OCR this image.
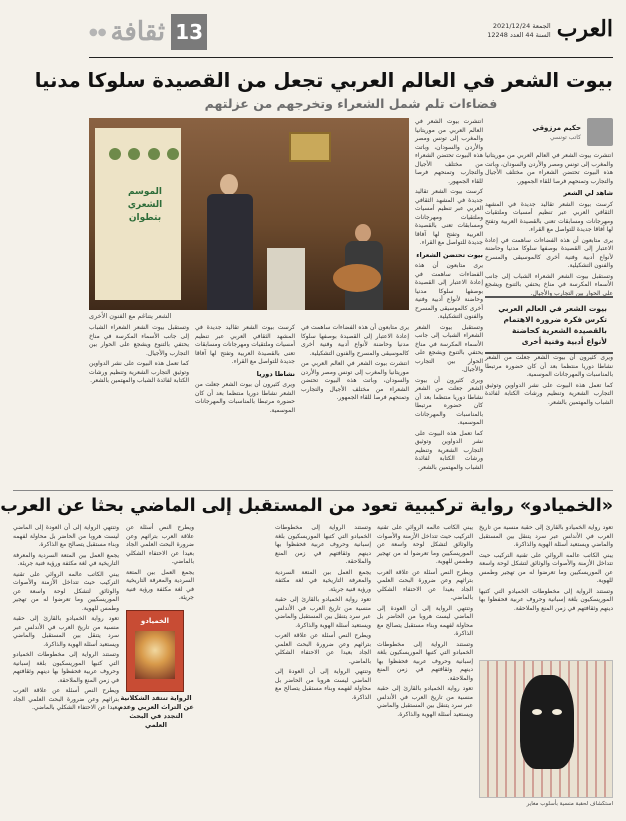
العرب
الجمعة 2021/12/24
السنة 44 العدد 12248
13
ثقافة
●●
بيوت الشعر في العالم العربي تجعل من القصيدة سلوكا مدنيا
فضاءات تلم شمل الشعراء وتخرجهم من عزلتهم
الموسم الشعري بتطوان
الشعر يتناغم مع الفنون الأخرى
حكيم مرزوقي
كاتب تونسي

انتشرت بيوت الشعر في العالم العربي من موريتانيا والمغرب إلى تونس ومصر والأردن والسودان، وباتت هذه البيوت تحتضن الشعراء من مختلف الأجيال والتجارب وتمنحهم فرصا للقاء الجمهور.

شاهد لي الشعر

كرست بيوت الشعر تقاليد جديدة في المشهد الثقافي العربي عبر تنظيم أمسيات وملتقيات ومهرجانات ومسابقات تعنى بالقصيدة العربية وتفتح لها آفاقا جديدة للتواصل مع القراء.

يرى متابعون أن هذه الفضاءات ساهمت في إعادة الاعتبار إلى القصيدة بوصفها سلوكا مدنيا وحاضنة لأنواع أدبية وفنية أخرى كالموسيقى والمسرح والفنون التشكيلية.

وتستقبل بيوت الشعر الشعراء الشباب إلى جانب الأسماء المكرسة في مناخ يحتفي بالتنوع ويشجع على الحوار بين التجارب والأجيال.

بيوت الشعر في العالم العربي تكرس فكرة ضرورة الاهتمام بالقصيدة الشعرية كحاضنة لأنواع أدبية وفنية أخرى

ويرى كثيرون أن بيوت الشعر جعلت من الشعر نشاطا دوريا منتظما بعد أن كان حضوره مرتبطا بالمناسبات والمهرجانات الموسمية.

كما تعمل هذه البيوت على نشر الدواوين وتوثيق التجارب الشعرية وتنظيم ورشات الكتابة لفائدة الشباب والمهتمين بالشعر.

وتستقبل بيوت الشعر الشعراء الشباب إلى جانب الأسماء المكرسة في مناخ يحتفي بالتنوع ويشجع على الحوار بين التجارب والأجيال.

كما تعمل هذه البيوت على نشر الدواوين وتوثيق التجارب الشعرية وتنظيم ورشات الكتابة لفائدة الشباب والمهتمين بالشعر.

كرست بيوت الشعر تقاليد جديدة في المشهد الثقافي العربي عبر تنظيم أمسيات وملتقيات ومهرجانات ومسابقات تعنى بالقصيدة العربية وتفتح لها آفاقا جديدة للتواصل مع القراء.

نشاطا دوريا

ويرى كثيرون أن بيوت الشعر جعلت من الشعر نشاطا دوريا منتظما بعد أن كان حضوره مرتبطا بالمناسبات والمهرجانات الموسمية.

يرى متابعون أن هذه الفضاءات ساهمت في إعادة الاعتبار إلى القصيدة بوصفها سلوكا مدنيا وحاضنة لأنواع أدبية وفنية أخرى كالموسيقى والمسرح والفنون التشكيلية.

انتشرت بيوت الشعر في العالم العربي من موريتانيا والمغرب إلى تونس ومصر والأردن والسودان، وباتت هذه البيوت تحتضن الشعراء من مختلف الأجيال والتجارب وتمنحهم فرصا للقاء الجمهور.

انتشرت بيوت الشعر في العالم العربي من موريتانيا والمغرب إلى تونس ومصر والأردن والسودان، وباتت هذه البيوت تحتضن الشعراء من مختلف الأجيال والتجارب وتمنحهم فرصا للقاء الجمهور.

كرست بيوت الشعر تقاليد جديدة في المشهد الثقافي العربي عبر تنظيم أمسيات وملتقيات ومهرجانات ومسابقات تعنى بالقصيدة العربية وتفتح لها آفاقا جديدة للتواصل مع القراء.

بيوت تحتضن الشعراء

يرى متابعون أن هذه الفضاءات ساهمت في إعادة الاعتبار إلى القصيدة بوصفها سلوكا مدنيا وحاضنة لأنواع أدبية وفنية أخرى كالموسيقى والمسرح والفنون التشكيلية.

وتستقبل بيوت الشعر الشعراء الشباب إلى جانب الأسماء المكرسة في مناخ يحتفي بالتنوع ويشجع على الحوار بين التجارب والأجيال.

ويرى كثيرون أن بيوت الشعر جعلت من الشعر نشاطا دوريا منتظما بعد أن كان حضوره مرتبطا بالمناسبات والمهرجانات الموسمية.

كما تعمل هذه البيوت على نشر الدواوين وتوثيق التجارب الشعرية وتنظيم ورشات الكتابة لفائدة الشباب والمهتمين بالشعر.

«الخميادو» رواية تركيبية تعود من المستقبل إلى الماضي بحثا عن العرب

تعود رواية الخميادو بالقارئ إلى حقبة منسية من تاريخ العرب في الأندلس عبر سرد يتنقل بين المستقبل والماضي ويستعيد أسئلة الهوية والذاكرة.

يبني الكاتب عالمه الروائي على تقنية التركيب حيث تتداخل الأزمنة والأصوات والوثائق لتشكل لوحة واسعة عن الموريسكيين وما تعرضوا له من تهجير وطمس للهوية.

وتستند الرواية إلى مخطوطات الخميادو التي كتبها الموريسكيون بلغة إسبانية وحروف عربية فحفظوا بها دينهم وثقافتهم في زمن المنع والملاحقة.

يبني الكاتب عالمه الروائي على تقنية التركيب حيث تتداخل الأزمنة والأصوات والوثائق لتشكل لوحة واسعة عن الموريسكيين وما تعرضوا له من تهجير وطمس للهوية.

ويطرح النص أسئلة عن علاقة العرب بتراثهم وعن ضرورة البحث العلمي الجاد بعيدا عن الاحتفاء الشكلي بالماضي.

وتنتهي الرواية إلى أن العودة إلى الماضي ليست هروبا من الحاضر بل محاولة لفهمه وبناء مستقبل يتصالح مع الذاكرة.

وتستند الرواية إلى مخطوطات الخميادو التي كتبها الموريسكيون بلغة إسبانية وحروف عربية فحفظوا بها دينهم وثقافتهم في زمن المنع والملاحقة.

تعود رواية الخميادو بالقارئ إلى حقبة منسية من تاريخ العرب في الأندلس عبر سرد يتنقل بين المستقبل والماضي ويستعيد أسئلة الهوية والذاكرة.

وتستند الرواية إلى مخطوطات الخميادو التي كتبها الموريسكيون بلغة إسبانية وحروف عربية فحفظوا بها دينهم وثقافتهم في زمن المنع والملاحقة.

يجمع العمل بين المتعة السردية والمعرفة التاريخية في لغة مكثفة ورؤية فنية جريئة.

تعود رواية الخميادو بالقارئ إلى حقبة منسية من تاريخ العرب في الأندلس عبر سرد يتنقل بين المستقبل والماضي ويستعيد أسئلة الهوية والذاكرة.

ويطرح النص أسئلة عن علاقة العرب بتراثهم وعن ضرورة البحث العلمي الجاد بعيدا عن الاحتفاء الشكلي بالماضي.

وتنتهي الرواية إلى أن العودة إلى الماضي ليست هروبا من الحاضر بل محاولة لفهمه وبناء مستقبل يتصالح مع الذاكرة.

ويطرح النص أسئلة عن علاقة العرب بتراثهم وعن ضرورة البحث العلمي الجاد بعيدا عن الاحتفاء الشكلي بالماضي.

يجمع العمل بين المتعة السردية والمعرفة التاريخية في لغة مكثفة ورؤية فنية جريئة.

وتنتهي الرواية إلى أن العودة إلى الماضي ليست هروبا من الحاضر بل محاولة لفهمه وبناء مستقبل يتصالح مع الذاكرة.

يجمع العمل بين المتعة السردية والمعرفة التاريخية في لغة مكثفة ورؤية فنية جريئة.

يبني الكاتب عالمه الروائي على تقنية التركيب حيث تتداخل الأزمنة والأصوات والوثائق لتشكل لوحة واسعة عن الموريسكيين وما تعرضوا له من تهجير وطمس للهوية.

تعود رواية الخميادو بالقارئ إلى حقبة منسية من تاريخ العرب في الأندلس عبر سرد يتنقل بين المستقبل والماضي ويستعيد أسئلة الهوية والذاكرة.

وتستند الرواية إلى مخطوطات الخميادو التي كتبها الموريسكيون بلغة إسبانية وحروف عربية فحفظوا بها دينهم وثقافتهم في زمن المنع والملاحقة.

ويطرح النص أسئلة عن علاقة العرب بتراثهم وعن ضرورة البحث العلمي الجاد بعيدا عن الاحتفاء الشكلي بالماضي.

الخميادو
الرواية تنتقد الشكلانية عن التراث العربي وعدم التجدد في البحث العلمي
استكشاف لحقبة منسية بأسلوب مغاير
